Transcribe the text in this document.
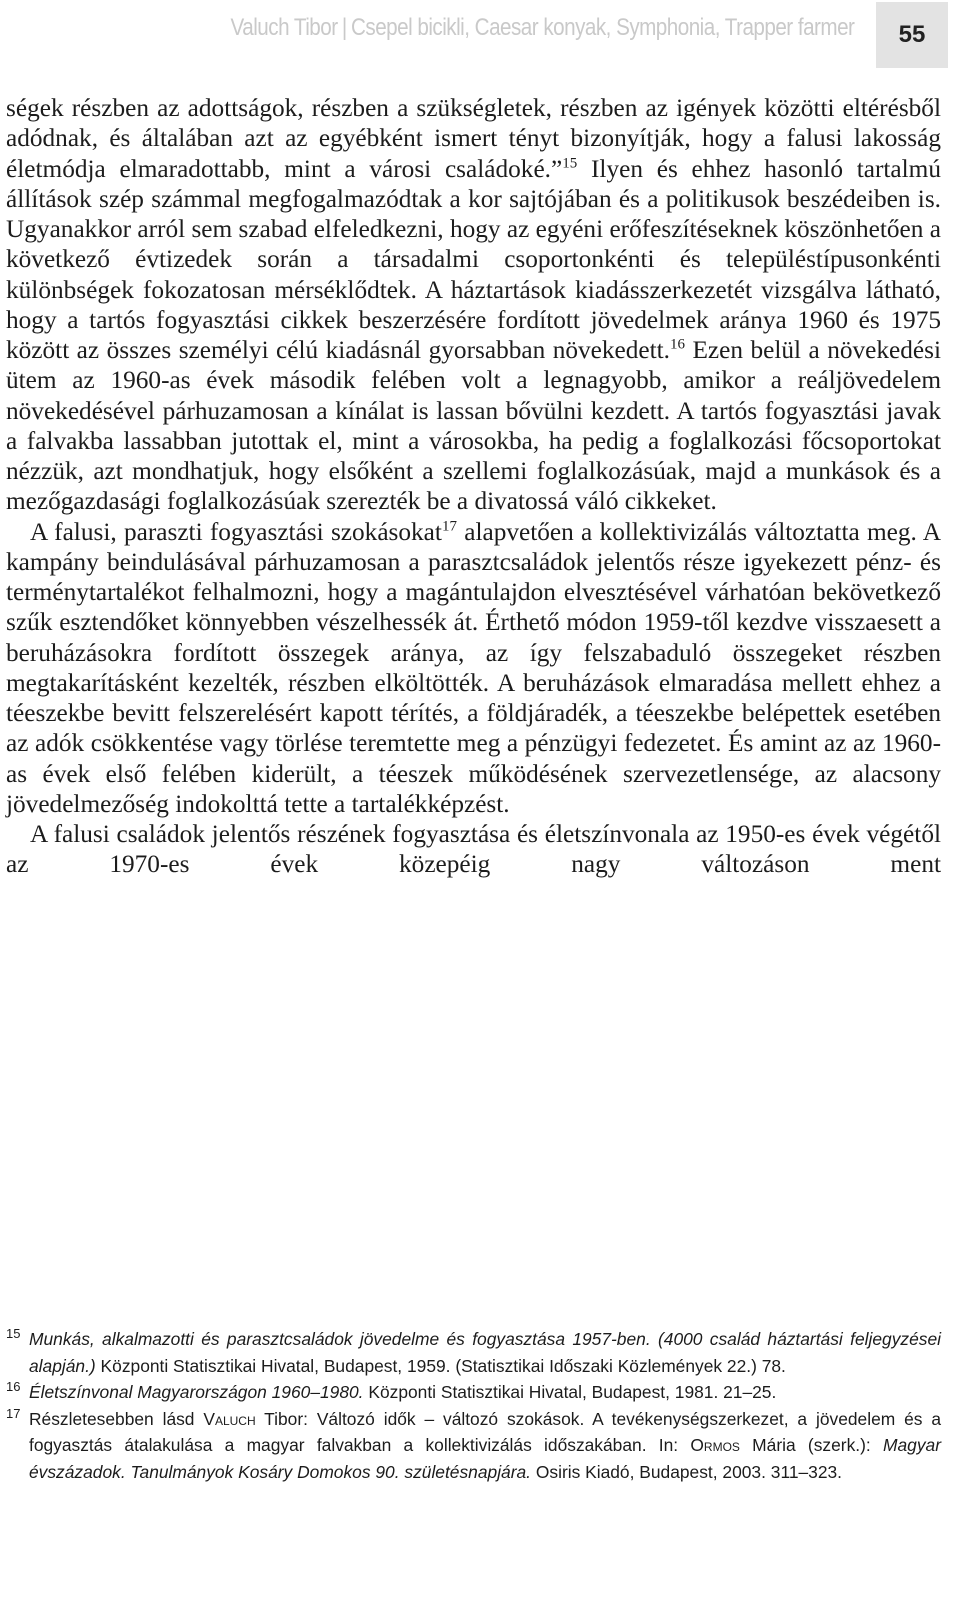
Valuch Tibor | Csepel bicikli, Caesar konyak, Symphonia, Trapper farmer	55

ségek részben az adottságok, részben a szükségletek, részben az igények közötti eltérésből adódnak, és általában azt az egyébként ismert tényt bizonyítják, hogy a falusi lakosság életmódja elmaradottabb, mint a városi családoké.”$^{15}$ Ilyen és ehhez hasonló tartalmú állítások szép számmal megfogalmazódtak a kor sajtójában és a politikusok beszédeiben is. Ugyanakkor arról sem szabad elfeledkezni, hogy az egyéni erőfeszítéseknek köszönhetően a következő évtizedek során a társadalmi csoportonkénti és településtípusonkénti különbségek fokozatosan mérséklődtek. A háztartások kiadásszerkezetét vizsgálva látható, hogy a tartós fogyasztási cikkek beszerzésére fordított jövedelmek aránya 1960 és 1975 között az összes személyi célú kiadásnál gyorsabban növekedett.$^{16}$ Ezen belül a növekedési ütem az 1960-as évek második felében volt a legnagyobb, amikor a reáljövedelem növekedésével párhuzamosan a kínálat is lassan bővülni kezdett. A tartós fogyasztási javak a falvakba lassabban jutottak el, mint a városokba, ha pedig a foglalkozási főcsoportokat nézzük, azt mondhatjuk, hogy elsőként a szellemi foglalkozásúak, majd a munkások és a mezőgazdasági foglalkozásúak szerezték be a divatossá váló cikkeket.

A falusi, paraszti fogyasztási szokásokat$^{17}$ alapvetően a kollektivizálás változtatta meg. A kampány beindulásával párhuzamosan a parasztcsaládok jelentős része igyekezett pénz- és terménytartalékot felhalmozni, hogy a magántulajdon elvesztésével várhatóan bekövetkező szűk esztendőket könnyebben vészelhessék át. Érthető módon 1959-től kezdve visszaesett a beruházásokra fordított összegek aránya, az így felszabaduló összegeket részben megtakarításként kezelték, részben elköltötték. A beruházások elmaradása mellett ehhez a téeszekbe bevitt felszerelésért kapott térítés, a földjáradék, a téeszekbe belépettek esetében az adók csökkentése vagy törlése teremtette meg a pénzügyi fedezetet. És amint az az 1960-as évek első felében kiderült, a téeszek működésének szervezetlensége, az alacsony jövedelmezőség indokolttá tette a tartalékképzést.

A falusi családok jelentős részének fogyasztása és életszínvonala az 1950-es évek végétől az 1970-es évek közepéig nagy változáson ment

15 Munkás, alkalmazotti és parasztcsaládok jövedelme és fogyasztása 1957-ben. (4000 család háztartási feljegyzései alapján.) Központi Statisztikai Hivatal, Budapest, 1959. (Statisztikai Időszaki Közlemények 22.) 78.
16 Életszínvonal Magyarországon 1960–1980. Központi Statisztikai Hivatal, Budapest, 1981. 21–25.
17 Részletesebben lásd Valuch Tibor: Változó idők – változó szokások. A tevékenységszerkezet, a jövedelem és a fogyasztás átalakulása a magyar falvakban a kollektivizálás időszakában. In: Ormos Mária (szerk.): Magyar évszázadok. Tanulmányok Kosáry Domokos 90. születésnapjára. Osiris Kiadó, Budapest, 2003. 311–323.
